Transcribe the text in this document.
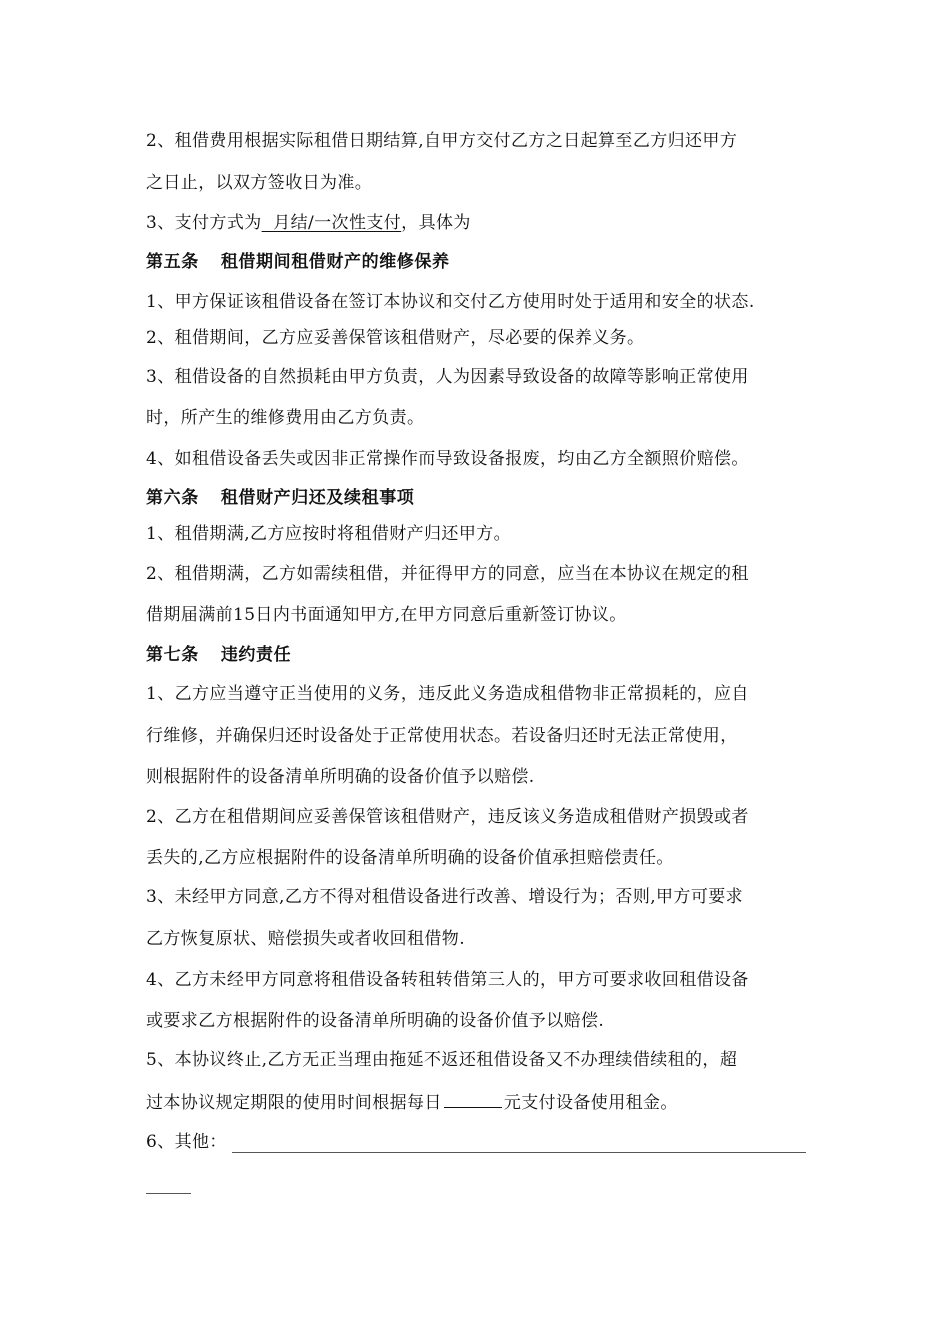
2、租借费用根据实际租借日期结算,自甲方交付乙方之日起算至乙方归还甲方
之日止，以双方签收日为准。
3、支付方式为  月结/一次性支付，具体为
第五条 租借期间租借财产的维修保养
1、甲方保证该租借设备在签订本协议和交付乙方使用时处于适用和安全的状态.
2、租借期间，乙方应妥善保管该租借财产，尽必要的保养义务。
3、租借设备的自然损耗由甲方负责，人为因素导致设备的故障等影响正常使用
时，所产生的维修费用由乙方负责。
4、如租借设备丢失或因非正常操作而导致设备报废，均由乙方全额照价赔偿。
第六条 租借财产归还及续租事项
1、租借期满,乙方应按时将租借财产归还甲方。
2、租借期满，乙方如需续租借，并征得甲方的同意，应当在本协议在规定的租
借期届满前15日内书面通知甲方,在甲方同意后重新签订协议。
第七条 违约责任
1、乙方应当遵守正当使用的义务，违反此义务造成租借物非正常损耗的，应自
行维修，并确保归还时设备处于正常使用状态。若设备归还时无法正常使用，
则根据附件的设备清单所明确的设备价值予以赔偿.
2、乙方在租借期间应妥善保管该租借财产，违反该义务造成租借财产损毁或者
丢失的,乙方应根据附件的设备清单所明确的设备价值承担赔偿责任。
3、未经甲方同意,乙方不得对租借设备进行改善、增设行为；否则,甲方可要求
乙方恢复原状、赔偿损失或者收回租借物.
4、乙方未经甲方同意将租借设备转租转借第三人的，甲方可要求收回租借设备
或要求乙方根据附件的设备清单所明确的设备价值予以赔偿.
5、本协议终止,乙方无正当理由拖延不返还租借设备又不办理续借续租的，超
过本协议规定期限的使用时间根据每日	元支付设备使用租金。
6、其他：
